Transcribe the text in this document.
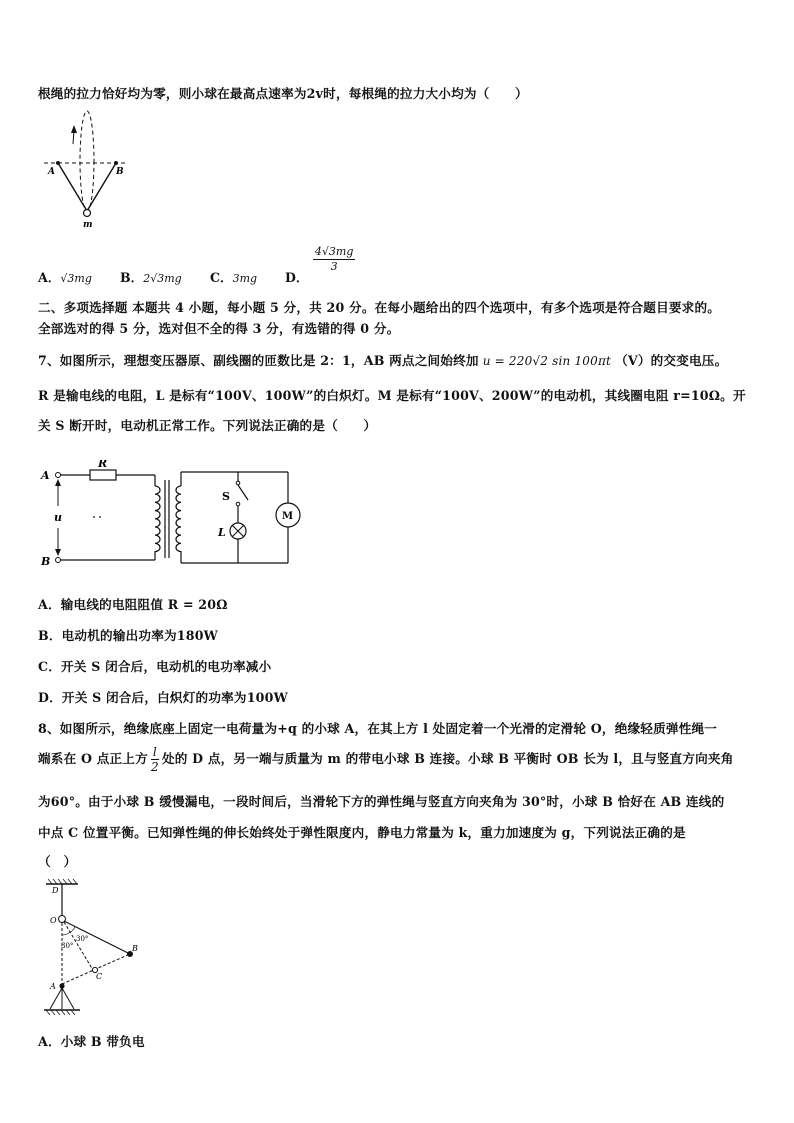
根绳的拉力恰好均为零，则小球在最高点速率为2v时，每根绳的拉力大小均为（　　）
A	B
m
A．√3mg B．2√3mg C．3mg D．
$\frac{4√3mg}{3}$
二、多项选择题 本题共 4 小题，每小题 5 分，共 20 分。在每小题给出的四个选项中，有多个选项是符合题目要求的。
全部选对的得 5 分，选对但不全的得 3 分，有选错的得 0 分。
7、如图所示，理想变压器原、副线圈的匝数比是 2：1，AB 两点之间始终加 u = 220√2 sin 100πt （V）的交变电压。
R 是输电线的电阻，L 是标有“100V、100W”的白炽灯。M 是标有“100V、200W”的电动机，其线圈电阻 r=10Ω。开
关 S 断开时，电动机正常工作。下列说法正确的是（　　）
A
B
R
u
S
L
M
A．输电线的电阻阻值 R = 20Ω
B．电动机的输出功率为180W
C．开关 S 闭合后，电动机的电功率减小
D．开关 S 闭合后，白炽灯的功率为100W
8、如图所示，绝缘底座上固定一电荷量为+q 的小球 A，在其上方 l 处固定着一个光滑的定滑轮 O，绝缘轻质弹性绳一
端系在 O 点正上方 $\frac{l}{2}$ 处的 D 点，另一端与质量为 m 的带电小球 B 连接。小球 B 平衡时 OB 长为 l，且与竖直方向夹角
为60°。由于小球 B 缓慢漏电，一段时间后，当滑轮下方的弹性绳与竖直方向夹角为 30°时，小球 B 恰好在 AB 连线的
中点 C 位置平衡。已知弹性绳的伸长始终处于弹性限度内，静电力常量为 k，重力加速度为 g，下列说法正确的是
（　）
D
O
B
A
C
30°
30°
A．小球 B 带负电
